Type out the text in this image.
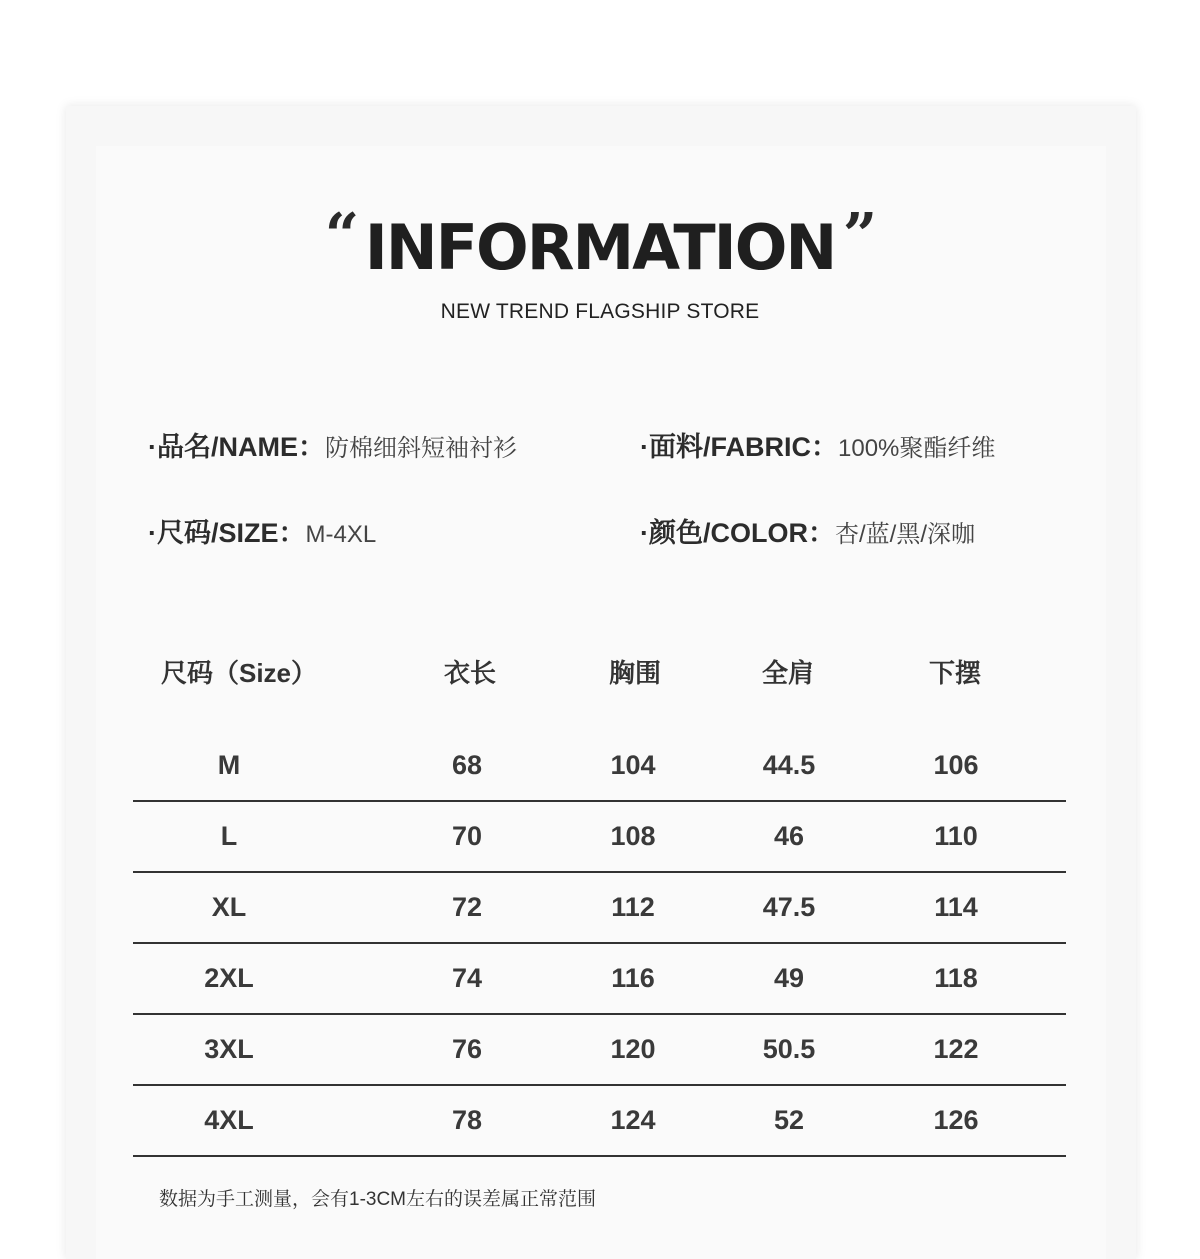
“ INFORMATION ”
NEW TREND FLAGSHIP STORE
·品名/NAME：防棉细斜短袖衬衫	·面料/FABRIC：100%聚酯纤维
·尺码/SIZE：M-4XL	·颜色/COLOR：杏/蓝/黑/深咖
尺码（Size）	衣长	胸围	全肩	下摆
M	68	104	44.5	106
L	70	108	46	110
XL	72	112	47.5	114
2XL	74	116	49	118
3XL	76	120	50.5	122
4XL	78	124	52	126
数据为手工测量，会有1-3CM左右的误差属正常范围
